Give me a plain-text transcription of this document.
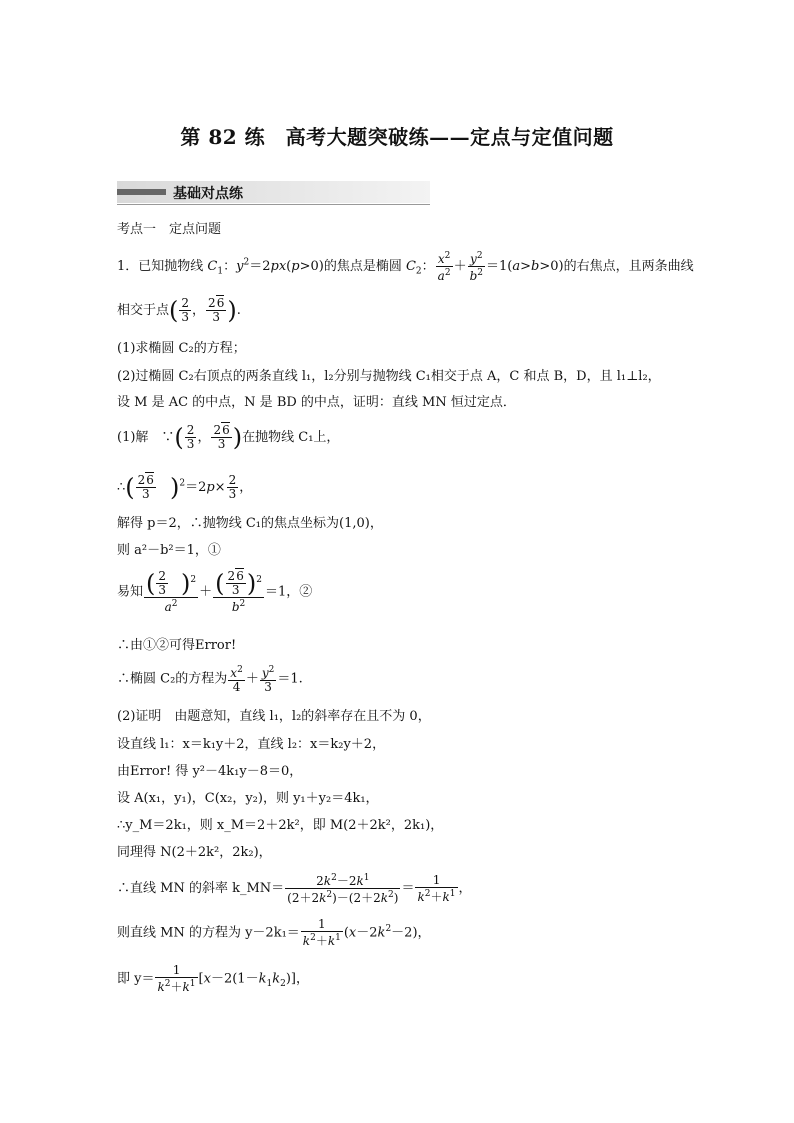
第 82 练　高考大题突破练——定点与定值问题
基础对点练
考点一　定点问题
1．已知抛物线 $C_1$：$y^2=2px(p>0)$的焦点是椭圆 $C_2$： $\frac{x^2}{a^2} + \frac{y^2}{b^2} =1(a>b>0)$的右焦点，且两条曲线
相交于点( $\frac{2}{3}$ ， $\frac{26}{3}$ ).
(1)求椭圆 C₂的方程；
(2)过椭圆 C₂右顶点的两条直线 l₁，l₂分别与抛物线 C₁相交于点 A，C 和点 B，D，且 l₁⊥l₂，
设 M 是 AC 的中点，N 是 BD 的中点，证明：直线 MN 恒过定点．
(1)解　∵( $\frac{2}{3}$ ， $\frac{26}{3}$ )在抛物线 C₁上，
∴( $\frac{26}{3}$
　 )$^2=2p\times \frac{2}{3}$ ，
解得 p＝2，∴抛物线 C₁的焦点坐标为(1,0)，
则 a²－b²＝1，①
易知 ( $\frac{2}{3}$
　 )$^2$
$a^2 + \frac{( \frac{26}{3} )^2}{b^2} =1$，②
∴由①②可得Error!
∴椭圆 C₂的方程为 $\frac{x^2}{4} + \frac{y^2}{3} =1$.
(2)证明　由题意知，直线 l₁，l₂的斜率存在且不为 0，
设直线 l₁：x＝k₁y＋2，直线 l₂：x＝k₂y＋2，
由Error! 得 y²－4k₁y－8＝0，
设 A(x₁，y₁)，C(x₂，y₂)，则 y₁＋y₂＝4k₁，
∴y_M＝2k₁，则 x_M＝2＋2k²，即 M(2＋2k²，2k₁)，
同理得 N(2＋2k²，2k₂)，
∴直线 MN 的斜率 k_MN＝ $\frac{2k^2-2k^1}{(2+2k^2)-(2+2k^2)} = \frac{1}{k^2+k^1}$ ，
则直线 MN 的方程为 $y-2k_1= \frac{1}{k^2+k^1} (x-2k^2-2)$，
即 $y= \frac{1}{k^2+k^1} [x-2(1-k_1k_2)]$，
